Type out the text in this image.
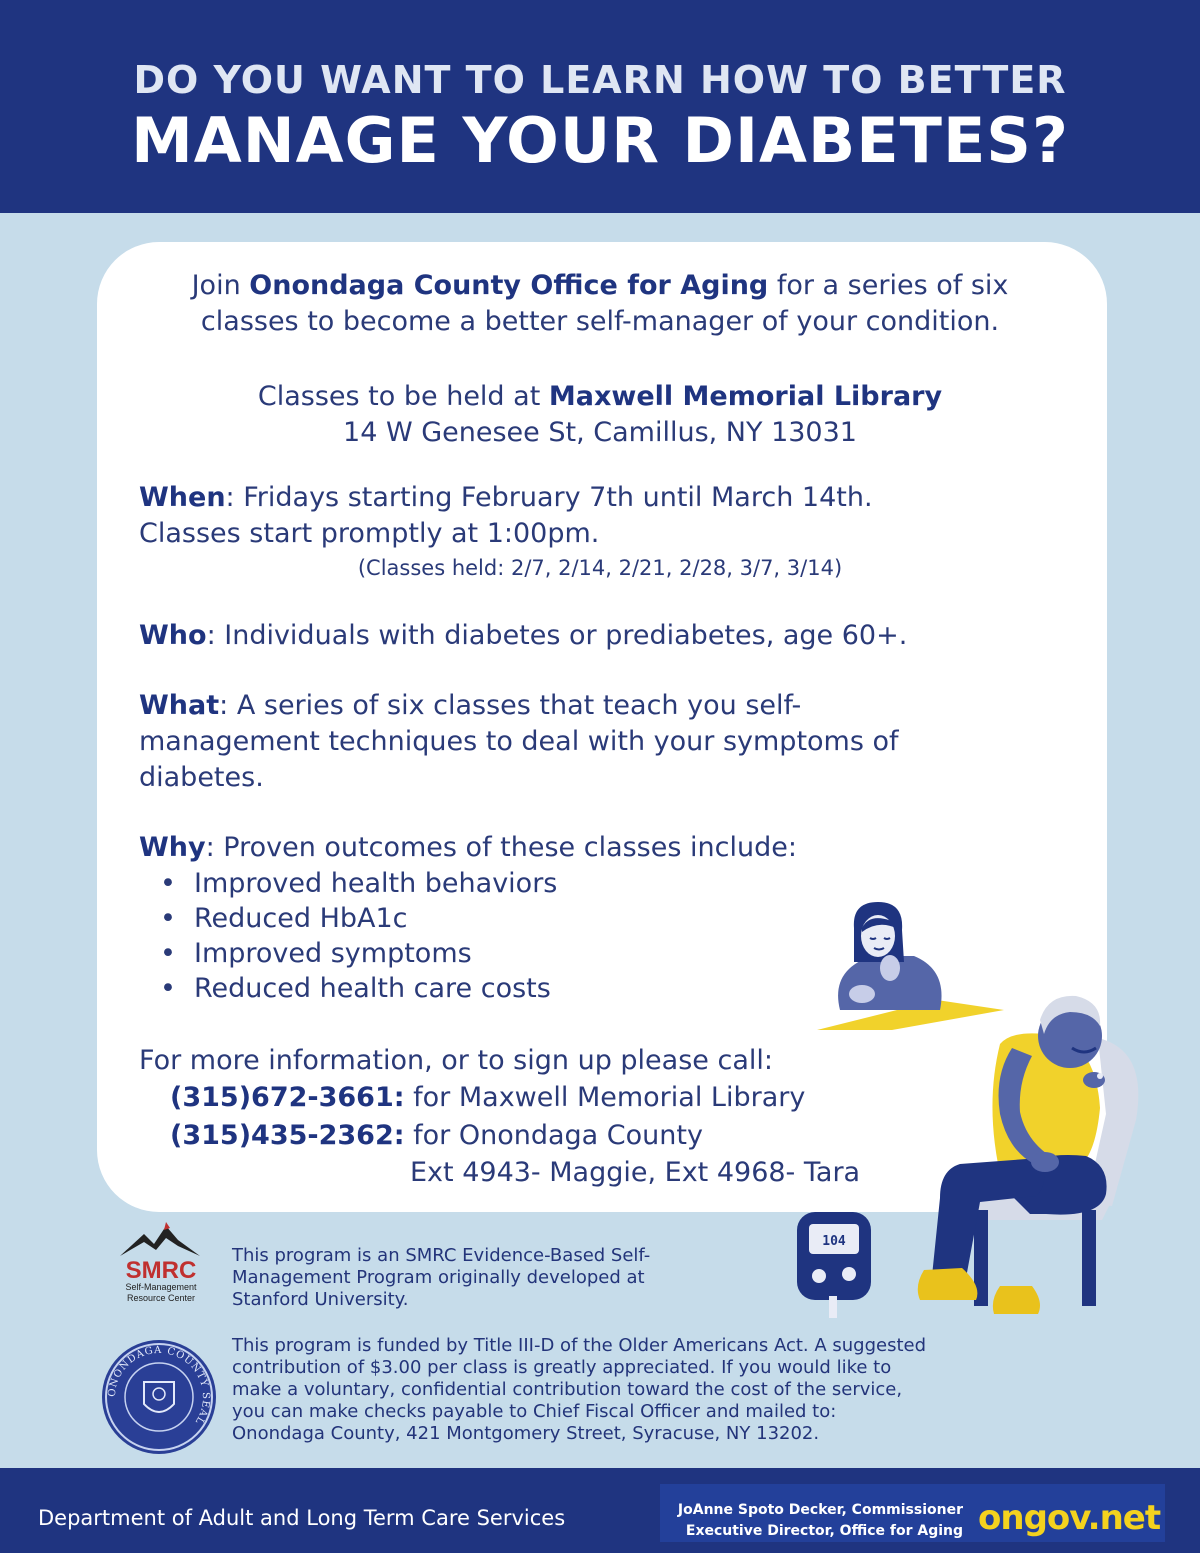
DO YOU WANT TO LEARN HOW TO BETTER
MANAGE YOUR DIABETES?
Join Onondaga County Office for Aging for a series of six
classes to become a better self-manager of your condition.
Classes to be held at Maxwell Memorial Library
14 W Genesee St, Camillus, NY 13031
When: Fridays starting February 7th until March 14th.
Classes start promptly at 1:00pm.
(Classes held: 2/7, 2/14, 2/21, 2/28, 3/7, 3/14)
Who: Individuals with diabetes or prediabetes, age 60+.
What: A series of six classes that teach you self-
management techniques to deal with your symptoms of
diabetes.
Why: Proven outcomes of these classes include:
• Improved health behaviors
• Reduced HbA1c
• Improved symptoms
• Reduced health care costs
For more information, or to sign up please call:
(315)672-3661: for Maxwell Memorial Library
(315)435-2362: for Onondaga County
Ext 4943- Maggie, Ext 4968- Tara
104
SMRC
Self-Management
Resource Center
This program is an SMRC Evidence-Based Self-
Management Program originally developed at
Stanford University.
ONONDAGA COUNTY SEAL
This program is funded by Title III-D of the Older Americans Act. A suggested
contribution of $3.00 per class is greatly appreciated. If you would like to
make a voluntary, confidential contribution toward the cost of the service,
you can make checks payable to Chief Fiscal Officer and mailed to:
Onondaga County, 421 Montgomery Street, Syracuse, NY 13202.
Department of Adult and Long Term Care Services	JoAnne Spoto Decker, Commissioner
Executive Director, Office for Aging ongov.net
